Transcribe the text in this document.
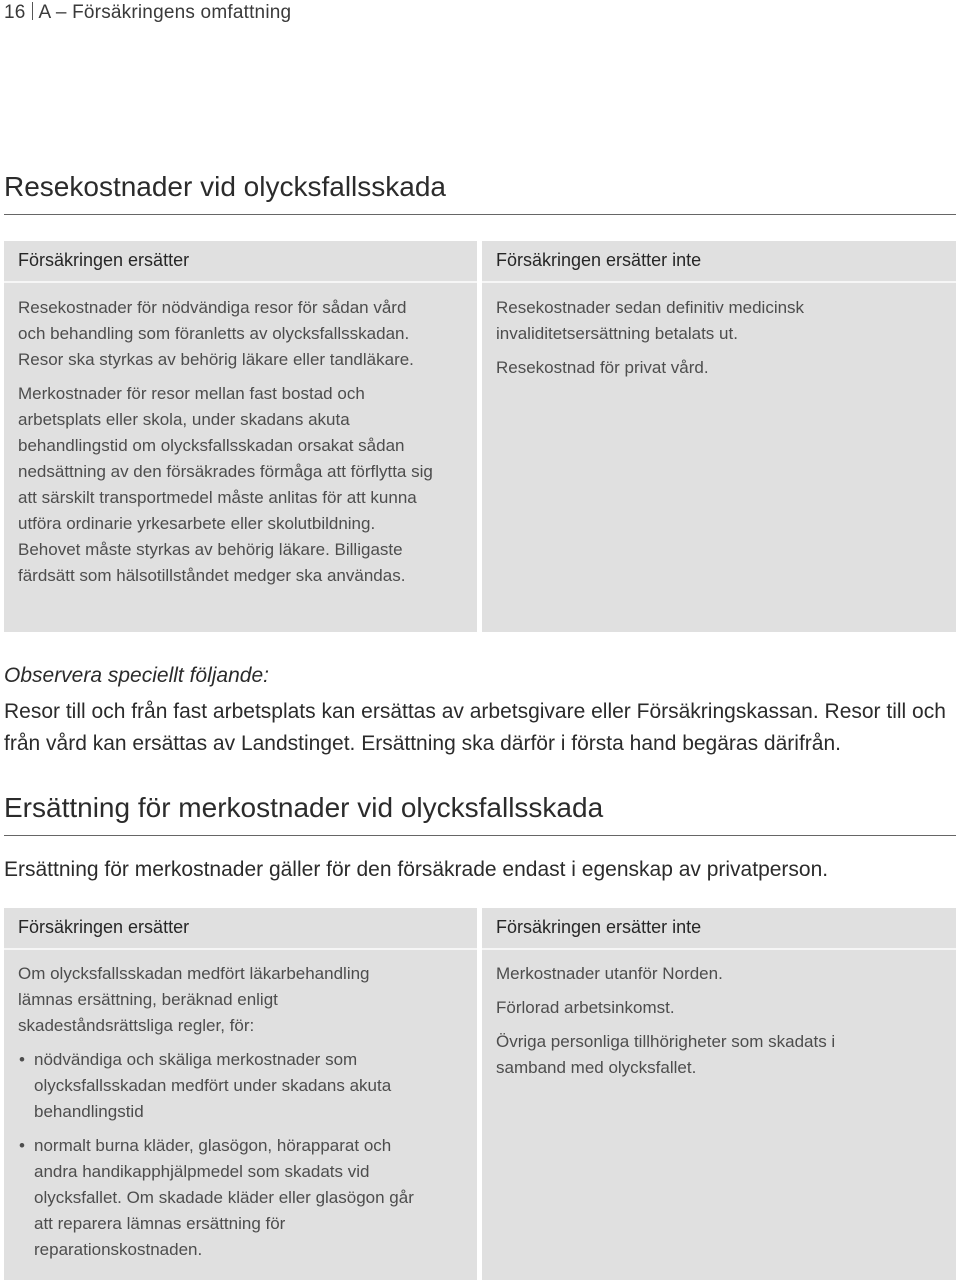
16 A – Försäkringens omfattning
Resekostnader vid olycksfallsskada
Försäkringen ersätter

Resekostnader för nödvändiga resor för sådan vård och behandling som föranletts av olycksfallsskadan. Resor ska styrkas av behörig läkare eller tandläkare.

Merkostnader för resor mellan fast bostad och arbetsplats eller skola, under skadans akuta behandlingstid om olycksfallsskadan orsakat sådan nedsättning av den försäkrades förmåga att förflytta sig att särskilt transportmedel måste anlitas för att kunna utföra ordinarie yrkesarbete eller skolutbildning. Behovet måste styrkas av behörig läkare. Billigaste färdsätt som hälsotillståndet medger ska användas.

Försäkringen ersätter inte

Resekostnader sedan definitiv medicinsk invaliditetsersättning betalats ut.

Resekostnad för privat vård.

Observera speciellt följande:
Resor till och från fast arbetsplats kan ersättas av arbetsgivare eller Försäkringskassan. Resor till och från vård kan ersättas av Landstinget. Ersättning ska därför i första hand begäras därifrån.
Ersättning för merkostnader vid olycksfallsskada
Ersättning för merkostnader gäller för den försäkrade endast i egenskap av privatperson.
Försäkringen ersätter

Om olycksfallsskadan medfört läkarbehandling lämnas ersättning, beräknad enligt skadeståndsrättsliga regler, för:

• nödvändiga och skäliga merkostnader som olycksfallsskadan medfört under skadans akuta behandlingstid
• normalt burna kläder, glasögon, hörapparat och andra handikapphjälpmedel som skadats vid olycksfallet. Om skadade kläder eller glasögon går att reparera lämnas ersättning för reparationskostnaden.
Försäkringen ersätter inte

Merkostnader utanför Norden.

Förlorad arbetsinkomst.

Övriga personliga tillhörigheter som skadats i samband med olycksfallet.
